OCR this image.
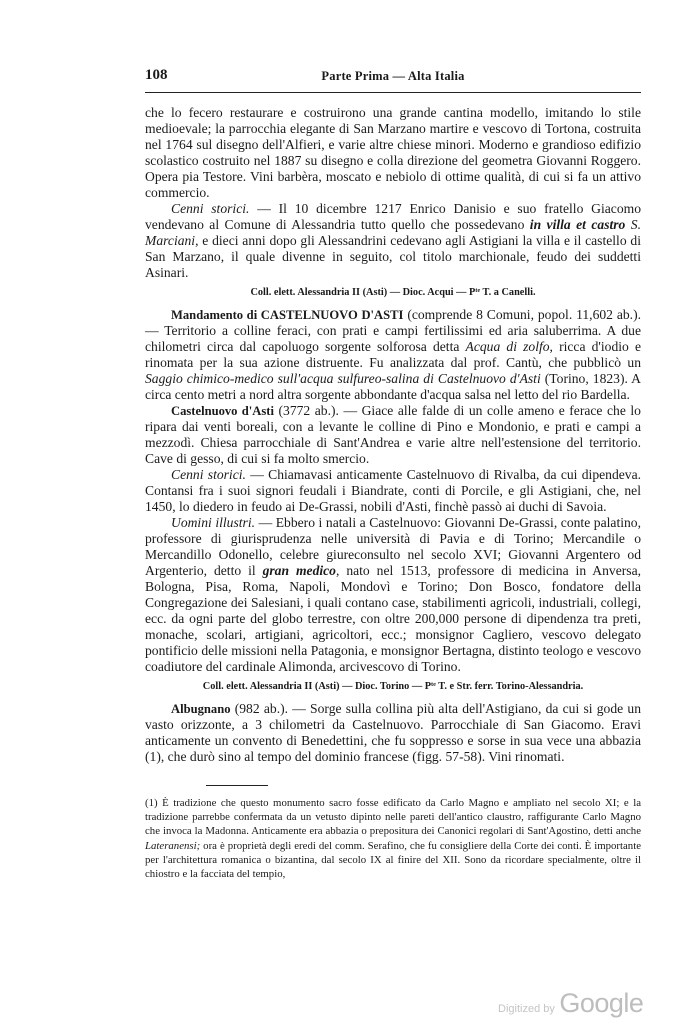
108	Parte Prima — Alta Italia

che lo fecero restaurare e costruirono una grande cantina modello, imitando lo stile medioevale; la parrocchia elegante di San Marzano martire e vescovo di Tortona, costruita nel 1764 sul disegno dell'Alfieri, e varie altre chiese minori. Moderno e grandioso edifizio scolastico costruito nel 1887 su disegno e colla direzione del geometra Giovanni Roggero. Opera pia Testore. Vini barbèra, moscato e nebiolo di ottime qualità, di cui si fa un attivo commercio.

Cenni storici. — Il 10 dicembre 1217 Enrico Danisio e suo fratello Giacomo vendevano al Comune di Alessandria tutto quello che possedevano in villa et castro S. Marciani, e dieci anni dopo gli Alessandrini cedevano agli Astigiani la villa e il castello di San Marzano, il quale divenne in seguito, col titolo marchionale, feudo dei suddetti Asinari.

Coll. elett. Alessandria II (Asti) — Dioc. Acqui — Pᵗᵉ T. a Canelli.

Mandamento di CASTELNUOVO D'ASTI (comprende 8 Comuni, popol. 11,602 ab.). — Territorio a colline feraci, con prati e campi fertilissimi ed aria saluberrima. A due chilometri circa dal capoluogo sorgente solforosa detta Acqua di zolfo, ricca d'iodio e rinomata per la sua azione distruente. Fu analizzata dal prof. Cantù, che pubblicò un Saggio chimico-medico sull'acqua sulfureo-salina di Castelnuovo d'Asti (Torino, 1823). A circa cento metri a nord altra sorgente abbondante d'acqua salsa nel letto del rio Bardella.

Castelnuovo d'Asti (3772 ab.). — Giace alle falde di un colle ameno e ferace che lo ripara dai venti boreali, con a levante le colline di Pino e Mondonio, e prati e campi a mezzodì. Chiesa parrocchiale di Sant'Andrea e varie altre nell'estensione del territorio. Cave di gesso, di cui si fa molto smercio.

Cenni storici. — Chiamavasi anticamente Castelnuovo di Rivalba, da cui dipendeva. Contansi fra i suoi signori feudali i Biandrate, conti di Porcile, e gli Astigiani, che, nel 1450, lo diedero in feudo ai De-Grassi, nobili d'Asti, finchè passò ai duchi di Savoia.

Uomini illustri. — Ebbero i natali a Castelnuovo: Giovanni De-Grassi, conte palatino, professore di giurisprudenza nelle università di Pavia e di Torino; Mercandile o Mercandillo Odonello, celebre giureconsulto nel secolo XVI; Giovanni Argentero od Argenterio, detto il gran medico, nato nel 1513, professore di medicina in Anversa, Bologna, Pisa, Roma, Napoli, Mondovì e Torino; Don Bosco, fondatore della Congregazione dei Salesiani, i quali contano case, stabilimenti agricoli, industriali, collegi, ecc. da ogni parte del globo terrestre, con oltre 200,000 persone di dipendenza tra preti, monache, scolari, artigiani, agricoltori, ecc.; monsignor Cagliero, vescovo delegato pontificio delle missioni nella Patagonia, e monsignor Bertagna, distinto teologo e vescovo coadiutore del cardinale Alimonda, arcivescovo di Torino.

Coll. elett. Alessandria II (Asti) — Dioc. Torino — Pᵗᵉ T. e Str. ferr. Torino-Alessandria.

Albugnano (982 ab.). — Sorge sulla collina più alta dell'Astigiano, da cui si gode un vasto orizzonte, a 3 chilometri da Castelnuovo. Parrocchiale di San Giacomo. Eravi anticamente un convento di Benedettini, che fu soppresso e sorse in sua vece una abbazia (1), che durò sino al tempo del dominio francese (figg. 57-58). Vini rinomati.

(1) È tradizione che questo monumento sacro fosse edificato da Carlo Magno e ampliato nel secolo XI; e la tradizione parrebbe confermata da un vetusto dipinto nelle pareti dell'antico claustro, raffigurante Carlo Magno che invoca la Madonna. Anticamente era abbazia o prepositura dei Canonici regolari di Sant'Agostino, detti anche Lateranensi; ora è proprietà degli eredi del comm. Serafino, che fu consigliere della Corte dei conti. È importante per l'architettura romanica o bizantina, dal secolo IX al finire del XII. Sono da ricordare specialmente, oltre il chiostro e la facciata del tempio,

Digitized by Google
